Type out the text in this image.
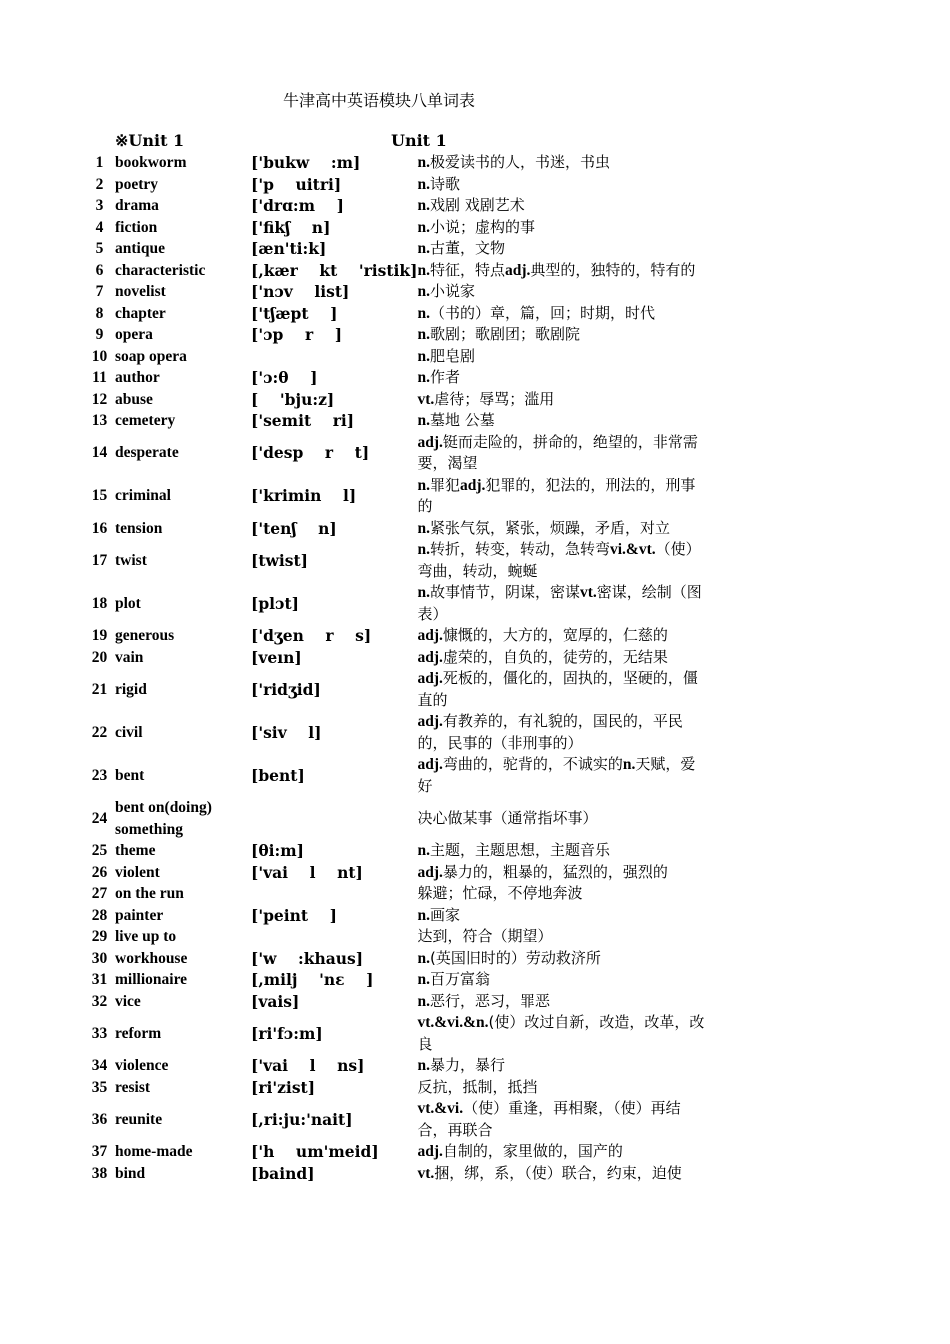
牛津高中英语模块八单词表
※Unit 1	Unit 1
1	bookworm	['bukw    :m]	n.极爱读书的人，书迷，书虫
2	poetry	['p    uitri]	n.诗歌
3	drama	['drɑ:m    ]	n.戏剧 戏剧艺术
4	fiction	['fikʃ    n]	n.小说；虚构的事
5	antique	[æn'ti:k]	n.古董，文物
6	characteristic	[,kær    kt    'ristik]	n.特征，特点adj.典型的，独特的，特有的
7	novelist	['nɔv    list]	n.小说家
8	chapter	['tʃæpt    ]	n.（书的）章，篇，回；时期，时代
9	opera	['ɔp    r    ]	n.歌剧；歌剧团；歌剧院
10	soap opera		n.肥皂剧
11	author	['ɔ:θ    ]	n.作者
12	abuse	[    'bju:z]	vt.虐待；辱骂；滥用
13	cemetery	['semit    ri]	n.墓地 公墓
14	desperate	['desp    r    t]	adj.铤而走险的，拼命的，绝望的，非常需要，渴望
15	criminal	['krimin    l]	n.罪犯adj.犯罪的，犯法的，刑法的，刑事的
16	tension	['tenʃ    n]	n.紧张气氛，紧张，烦躁，矛盾，对立
17	twist	[twist]	n.转折，转变，转动，急转弯vi.&vt.（使）弯曲，转动，蜿蜒
18	plot	[plɔt]	n.故事情节，阴谋，密谋vt.密谋，绘制（图表）
19	generous	['dʒen    r    s]	adj.慷慨的，大方的，宽厚的，仁慈的
20	vain	[veın]	adj.虚荣的，自负的，徒劳的，无结果
21	rigid	['ridʒid]	adj.死板的，僵化的，固执的，坚硬的，僵直的
22	civil	['siv    l]	adj.有教养的，有礼貌的，国民的，平民的，民事的（非刑事的）
23	bent	[bent]	adj.弯曲的，驼背的，不诚实的n.天赋，爱好
24	bent on(doing) something		决心做某事（通常指坏事）
25	theme	[θi:m]	n.主题，主题思想，主题音乐
26	violent	['vai    l    nt]	adj.暴力的，粗暴的，猛烈的，强烈的
27	on the run		躲避；忙碌，不停地奔波
28	painter	['peint    ]	n.画家
29	live up to		达到，符合（期望）
30	workhouse	['w    :khaus]	n.(英国旧时的）劳动救济所
31	millionaire	[,milj    'nɛ    ]	n.百万富翁
32	vice	[vais]	n.恶行，恶习，罪恶
33	reform	[ri'fɔ:m]	vt.&vi.&n.(使）改过自新，改造，改革，改良
34	violence	['vai    l    ns]	n.暴力，暴行
35	resist	[ri'zist]	反抗，抵制，抵挡
36	reunite	[,ri:ju:'nait]	vt.&vi.（使）重逢，再相聚，（使）再结合，再联合
37	home-made	['h    um'meid]	adj.自制的，家里做的，国产的
38	bind	[baind]	vt.捆，绑，系，（使）联合，约束，迫使
